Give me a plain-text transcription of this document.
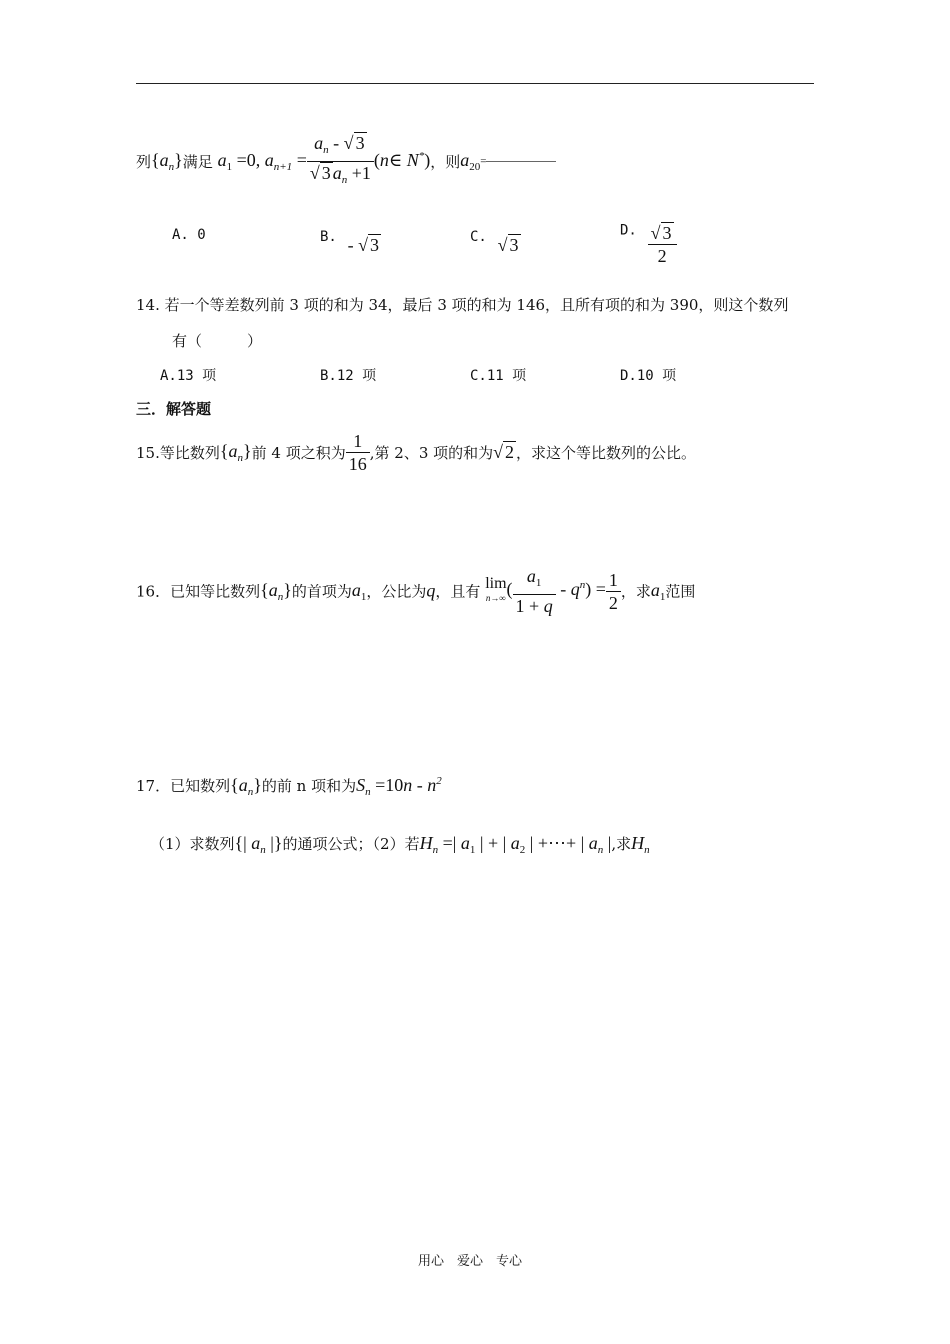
列$\{a_n\}$满足 $a_1 =0$, $a_{n+1} = \frac{a_n - √ 3}{√ 3 a_n +1}$ (n∈ N*)，则$a_{20}=$
A. 0	B. - √ 3	C. √ 3
D. $\frac{√ 3}{2}$
14. 若一个等差数列前 3 项的和为 34，最后 3 项的和为 146，且所有项的和为 390，则这个数列
有（　　　）
A.13 项	B.12 项	C.11 项	D.10 项
三．解答题
15.等比数列$\{a_n\}$前 4 项之积为 $\frac{1}{16}$ ,第 2、3 项的和为√ 2 ，求这个等比数列的公比。
16．已知等比数列$\{a_n\}$的首项为$a_1$，公比为q，且有 lim
n→∞ ( $\frac{a_1}{1 + q} - q^n) = \frac{1}{2}$ ，求$a_1$范围
17．已知数列$\{a_n\}$的前 n 项和为$S_n =10n - n^2$
（1）求数列{| $a_n$ |}的通项公式；（2）若$H_n$ =| $a_1$ | + | $a_2$ | +⋯+ | $a_n$ |,求$H_n$
用心　爱心　专心
